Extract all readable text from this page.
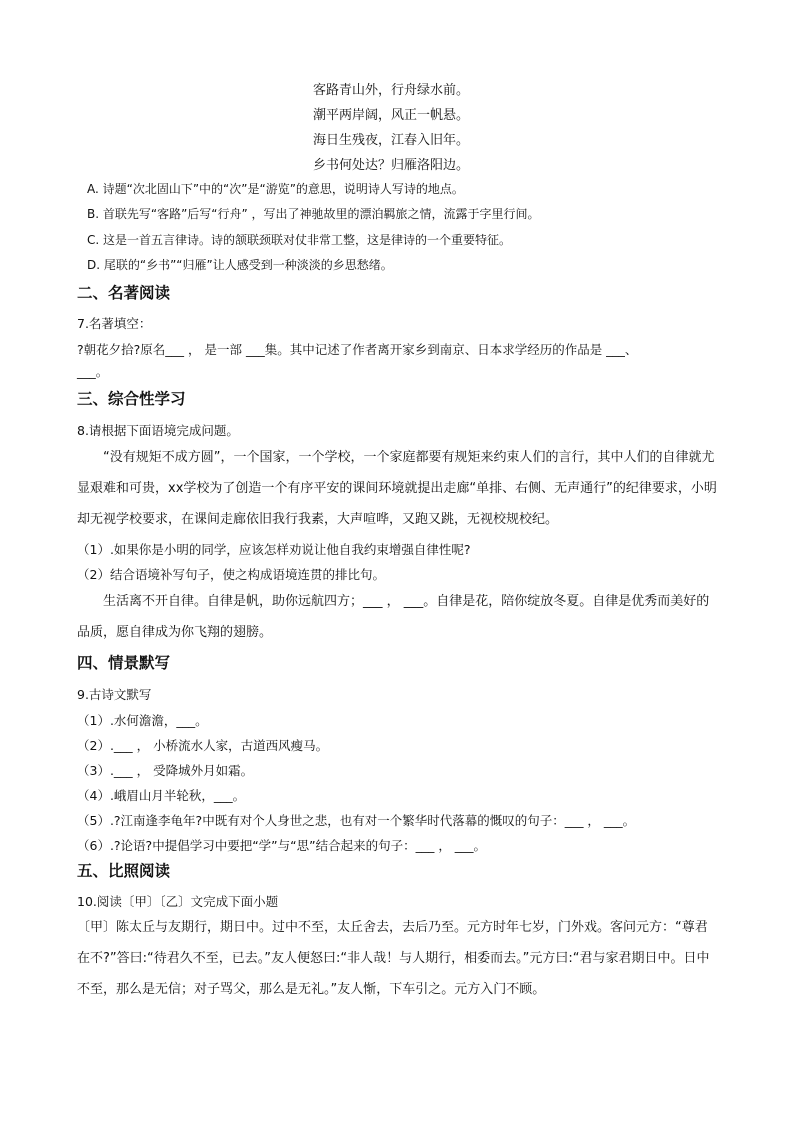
客路青山外，行舟绿水前。
潮平两岸阔，风正一帆悬。
海日生残夜，江春入旧年。
乡书何处达？归雁洛阳边。
A. 诗题“次北固山下”中的“次”是“游览”的意思，说明诗人写诗的地点。
B. 首联先写“客路”后写“行舟” ，写出了神驰故里的漂泊羁旅之情，流露于字里行间。
C. 这是一首五言律诗。诗的颔联颈联对仗非常工整，这是律诗的一个重要特征。
D. 尾联的“乡书”“归雁”让人感受到一种淡淡的乡思愁绪。
二、名著阅读
7.名著填空：
?朝花夕拾?原名___ ， 是一部 ___集。其中记述了作者离开家乡到南京、日本求学经历的作品是 ___、
___。
三、综合性学习
8.请根据下面语境完成问题。
“没有规矩不成方圆”，一个国家，一个学校，一个家庭都要有规矩来约束人们的言行，其中人们的自律就尤显艰难和可贵，xx学校为了创造一个有序平安的课间环境就提出走廊“单排、右侧、无声通行”的纪律要求，小明却无视学校要求，在课间走廊依旧我行我素，大声喧哗，又跑又跳，无视校规校纪。
（1）.如果你是小明的同学，应该怎样劝说让他自我约束增强自律性呢?
（2）结合语境补写句子，使之构成语境连贯的排比句。
生活离不开自律。自律是帆，助你远航四方；___ ， ___。自律是花，陪你绽放冬夏。自律是优秀而美好的品质，愿自律成为你飞翔的翅膀。
四、情景默写
9.古诗文默写
（1）.水何澹澹，___。
（2）.___ ， 小桥流水人家，古道西风瘦马。
（3）.___ ， 受降城外月如霜。
（4）.峨眉山月半轮秋，___。
（5）.?江南逢李龟年?中既有对个人身世之悲，也有对一个繁华时代落幕的慨叹的句子：___ ， ___。
（6）.?论语?中提倡学习中要把“学”与“思”结合起来的句子：___ ， ___。
五、比照阅读
10.阅读〔甲〕〔乙〕文完成下面小题
〔甲〕陈太丘与友期行，期日中。过中不至，太丘舍去，去后乃至。元方时年七岁，门外戏。客问元方：“尊君在不?”答曰:“待君久不至，已去。”友人便怒曰:“非人哉！与人期行，相委而去。”元方曰:“君与家君期日中。日中不至，那么是无信；对子骂父，那么是无礼。”友人惭，下车引之。元方入门不顾。
